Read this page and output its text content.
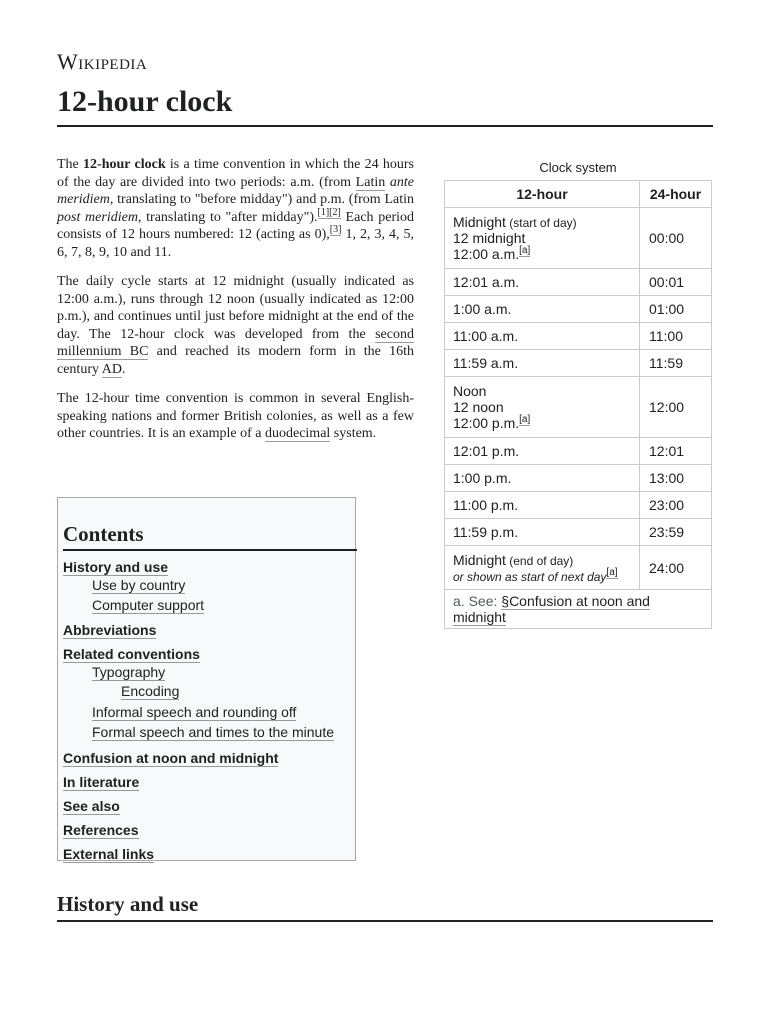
Wikipedia
12-hour clock

The 12-hour clock is a time convention in which the 24 hours of the day are divided into two periods: a.m. (from Latin ante meridiem, translating to "before midday") and p.m. (from Latin post meridiem, translating to "after midday").[1][2] Each period consists of 12 hours numbered: 12 (acting as 0),[3] 1, 2, 3, 4, 5, 6, 7, 8, 9, 10 and 11.

The daily cycle starts at 12 midnight (usually indicated as 12:00 a.m.), runs through 12 noon (usually indicated as 12:00 p.m.), and continues until just before midnight at the end of the day. The 12-hour clock was developed from the second millennium BC and reached its modern form in the 16th century AD.

The 12-hour time convention is common in several English-speaking nations and former British colonies, as well as a few other countries. It is an example of a duodecimal system.

Clock system
12-hour	24-hour
Midnight (start of day)
12 midnight
12:00 a.m.[a]	00:00
12:01 a.m.	00:01
1:00 a.m.	01:00
11:00 a.m.	11:00
11:59 a.m.	11:59
Noon
12 noon
12:00 p.m.[a]	12:00
12:01 p.m.	12:01
1:00 p.m.	13:00
11:00 p.m.	23:00
11:59 p.m.	23:59
Midnight (end of day)
or shown as start of next day[a]	24:00
a. See: §Confusion at noon and midnight	
Contents
History and use
Use by country
Computer support
Abbreviations
Related conventions
Typography
Encoding
Informal speech and rounding off
Formal speech and times to the minute
Confusion at noon and midnight
In literature
See also
References
External links
History and use
